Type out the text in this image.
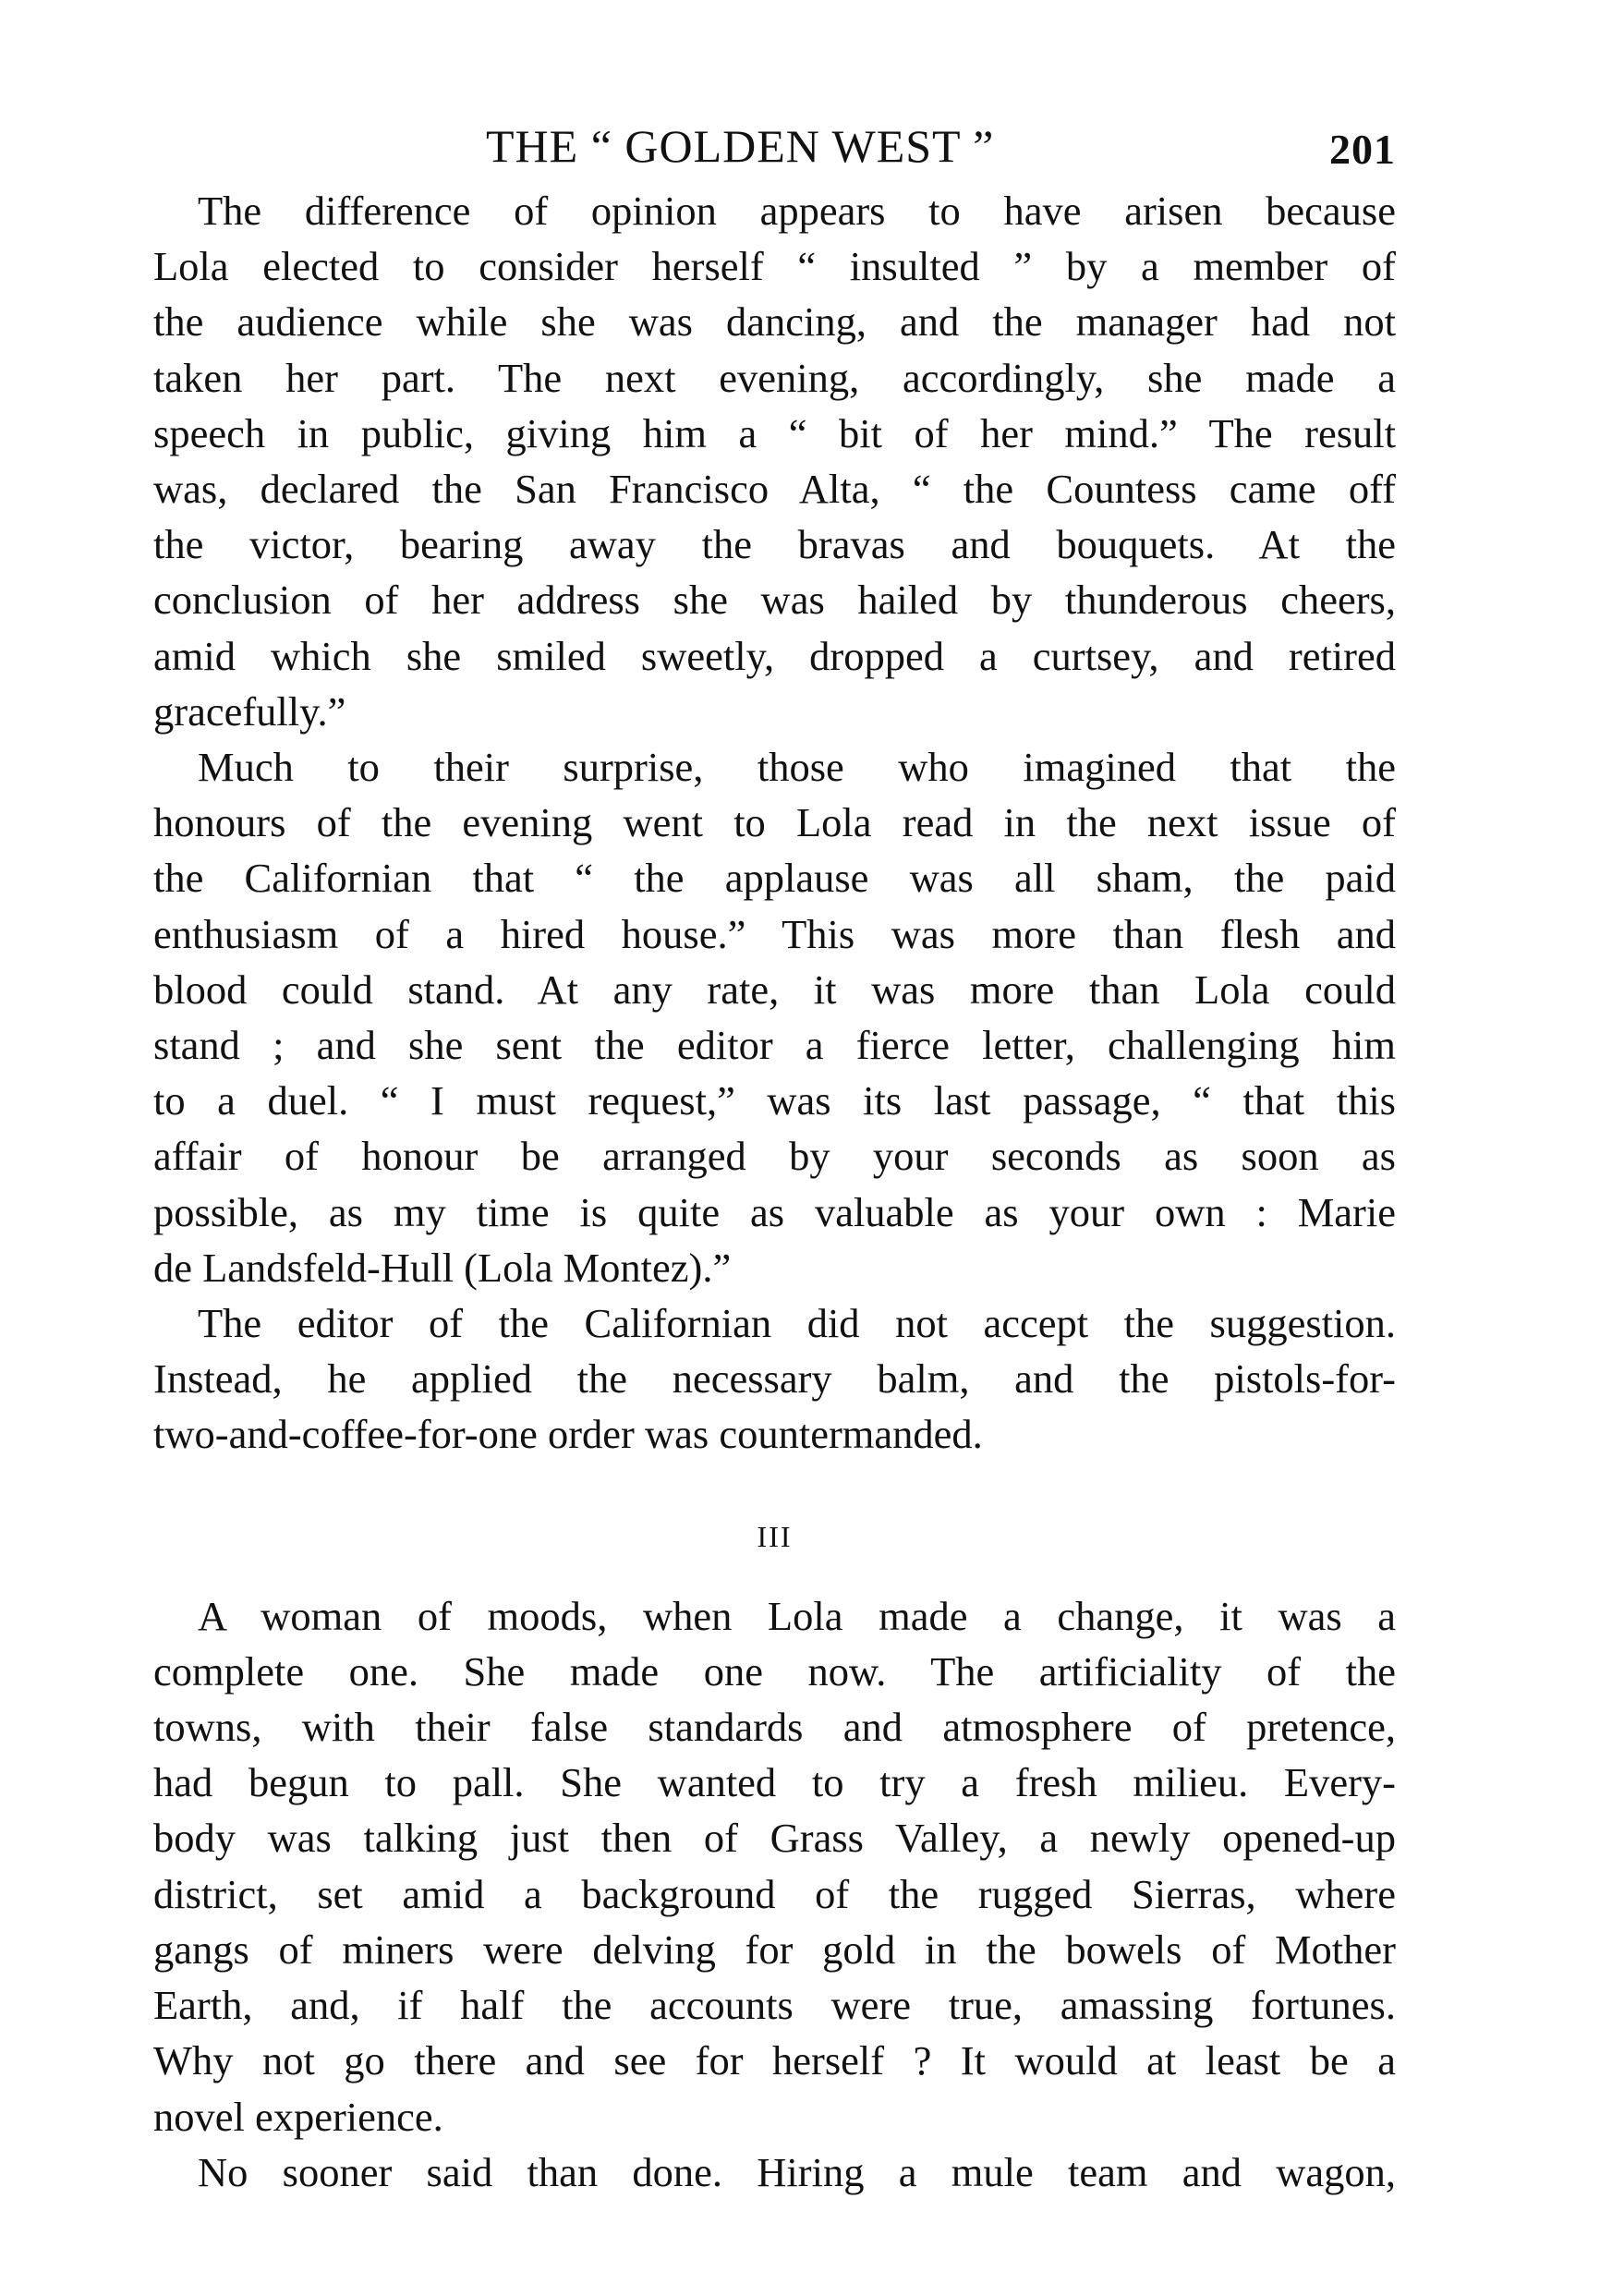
THE “ GOLDEN WEST ”	201

The difference of opinion appears to have arisen because
Lola elected to consider herself “ insulted ” by a member of
the audience while she was dancing, and the manager had not
taken her part. The next evening, accordingly, she made a
speech in public, giving him a “ bit of her mind.” The result
was, declared the San Francisco Alta, “ the Countess came off
the victor, bearing away the bravas and bouquets. At the
conclusion of her address she was hailed by thunderous cheers,
amid which she smiled sweetly, dropped a curtsey, and retired
gracefully.”

Much to their surprise, those who imagined that the
honours of the evening went to Lola read in the next issue of
the Californian that “ the applause was all sham, the paid
enthusiasm of a hired house.” This was more than flesh and
blood could stand. At any rate, it was more than Lola could
stand ; and she sent the editor a fierce letter, challenging him
to a duel. “ I must request,” was its last passage, “ that this
affair of honour be arranged by your seconds as soon as
possible, as my time is quite as valuable as your own : Marie
de Landsfeld-Hull (Lola Montez).”

The editor of the Californian did not accept the suggestion.
Instead, he applied the necessary balm, and the pistols-for-
two-and-coffee-for-one order was countermanded.

III

A woman of moods, when Lola made a change, it was a
complete one. She made one now. The artificiality of the
towns, with their false standards and atmosphere of pretence,
had begun to pall. She wanted to try a fresh milieu. Every-
body was talking just then of Grass Valley, a newly opened-up
district, set amid a background of the rugged Sierras, where
gangs of miners were delving for gold in the bowels of Mother
Earth, and, if half the accounts were true, amassing fortunes.
Why not go there and see for herself ? It would at least be a
novel experience.

No sooner said than done. Hiring a mule team and wagon,
